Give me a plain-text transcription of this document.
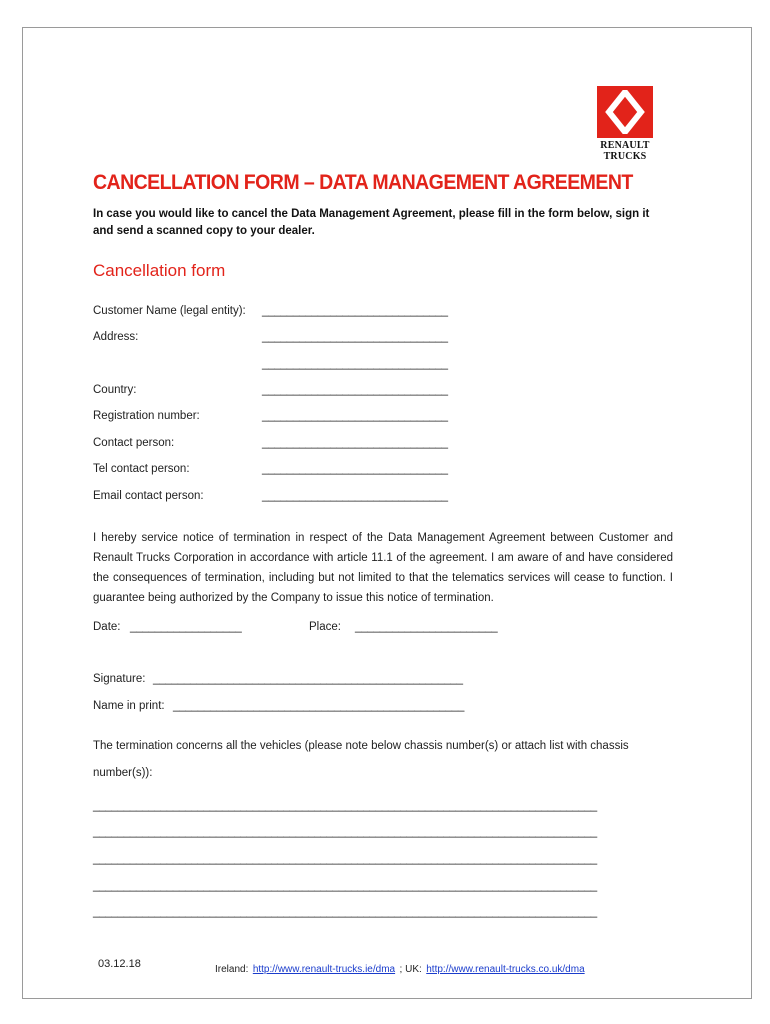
RENAULT
TRUCKS
CANCELLATION FORM – DATA MANAGEMENT AGREEMENT
In case you would like to cancel the Data Management Agreement, please fill in the form below, sign it and send a scanned copy to your dealer.
Cancellation form
Customer Name (legal entity): ______________________________
Address:	______________________________
______________________________
Country:	______________________________
Registration number:	______________________________
Contact person:	______________________________
Tel contact person:	______________________________
Email contact person:	______________________________
I hereby service notice of termination in respect of the Data Management Agreement between Customer and Renault Trucks Corporation in accordance with article 11.1 of the agreement. I am aware of and have considered the consequences of termination, including but not limited to that the telematics services will cease to function. I guarantee being authorized by the Company to issue this notice of termination.
Date: __________________	Place: _______________________
Signature: __________________________________________________
Name in print: _______________________________________________
The termination concerns all the vehicles (please note below chassis number(s) or attach list with chassis
number(s)):
__________________________________________________________________________________
__________________________________________________________________________________
__________________________________________________________________________________
__________________________________________________________________________________
__________________________________________________________________________________
03.12.18	Ireland: http://www.renault-trucks.ie/dma ; UK: http://www.renault-trucks.co.uk/dma
